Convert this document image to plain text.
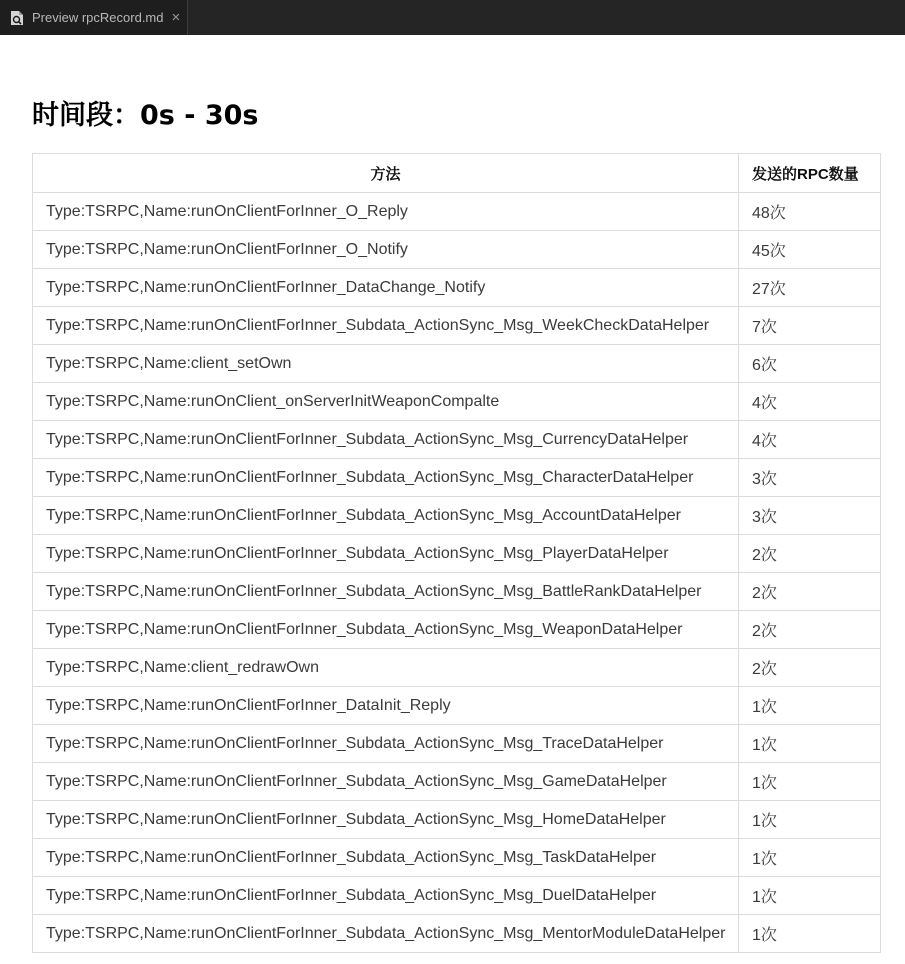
Preview rpcRecord.md ×
时间段：0s - 30s
方法	发送的RPC数量
Type:TSRPC,Name:runOnClientForInner_O_Reply	48次
Type:TSRPC,Name:runOnClientForInner_O_Notify	45次
Type:TSRPC,Name:runOnClientForInner_DataChange_Notify	27次
Type:TSRPC,Name:runOnClientForInner_Subdata_ActionSync_Msg_WeekCheckDataHelper	7次
Type:TSRPC,Name:client_setOwn	6次
Type:TSRPC,Name:runOnClient_onServerInitWeaponCompalte	4次
Type:TSRPC,Name:runOnClientForInner_Subdata_ActionSync_Msg_CurrencyDataHelper	4次
Type:TSRPC,Name:runOnClientForInner_Subdata_ActionSync_Msg_CharacterDataHelper	3次
Type:TSRPC,Name:runOnClientForInner_Subdata_ActionSync_Msg_AccountDataHelper	3次
Type:TSRPC,Name:runOnClientForInner_Subdata_ActionSync_Msg_PlayerDataHelper	2次
Type:TSRPC,Name:runOnClientForInner_Subdata_ActionSync_Msg_BattleRankDataHelper	2次
Type:TSRPC,Name:runOnClientForInner_Subdata_ActionSync_Msg_WeaponDataHelper	2次
Type:TSRPC,Name:client_redrawOwn	2次
Type:TSRPC,Name:runOnClientForInner_DataInit_Reply	1次
Type:TSRPC,Name:runOnClientForInner_Subdata_ActionSync_Msg_TraceDataHelper	1次
Type:TSRPC,Name:runOnClientForInner_Subdata_ActionSync_Msg_GameDataHelper	1次
Type:TSRPC,Name:runOnClientForInner_Subdata_ActionSync_Msg_HomeDataHelper	1次
Type:TSRPC,Name:runOnClientForInner_Subdata_ActionSync_Msg_TaskDataHelper	1次
Type:TSRPC,Name:runOnClientForInner_Subdata_ActionSync_Msg_DuelDataHelper	1次
Type:TSRPC,Name:runOnClientForInner_Subdata_ActionSync_Msg_MentorModuleDataHelper	1次
